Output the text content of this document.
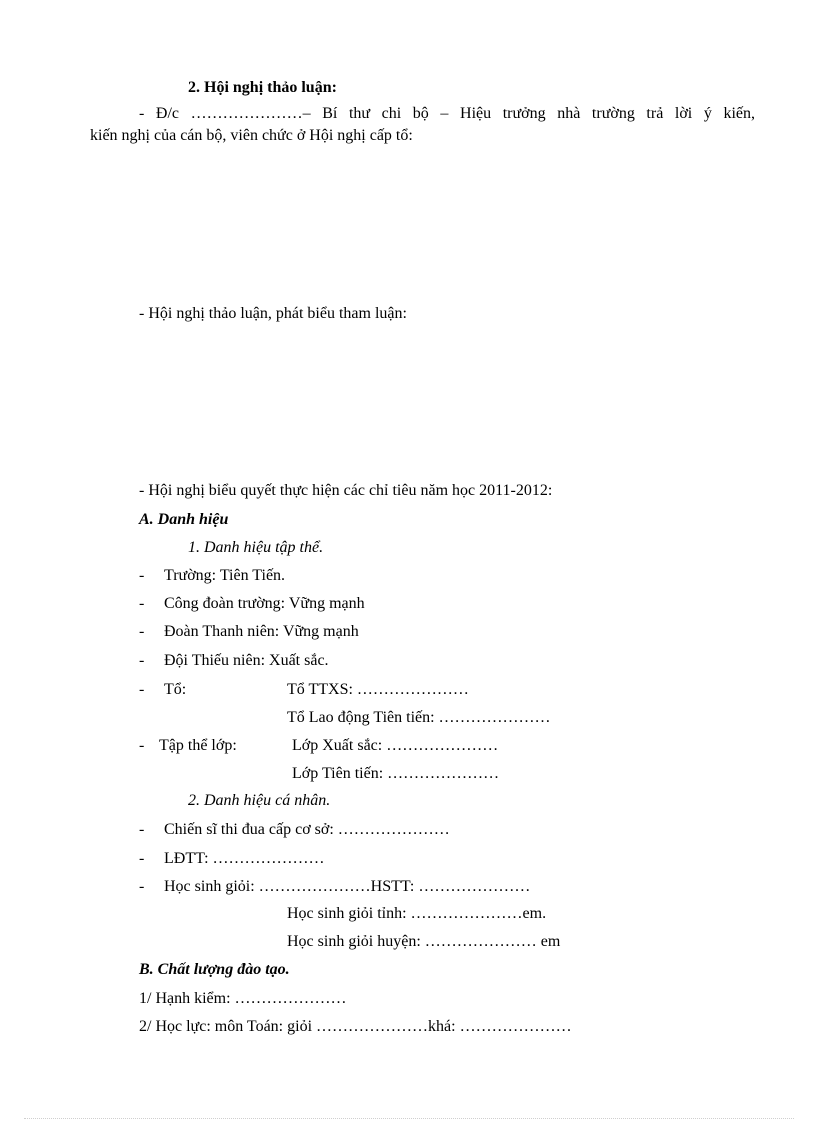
2. Hội nghị thảo luận:
- Đ/c …………………– Bí thư chi bộ – Hiệu trưởng nhà trường trả lời ý kiến,
kiến nghị của cán bộ, viên chức ở Hội nghị cấp tổ:
.....
.....
.....
.....
.....
.....
- Hội nghị thảo luận, phát biểu tham luận:
.....
.....
.....
.....
.....
.....
- Hội nghị biểu quyết thực hiện các chỉ tiêu năm học 2011-2012:
A. Danh hiệu
1. Danh hiệu tập thể.
- Trường: Tiên Tiến.
- Công đoàn trường: Vững mạnh
- Đoàn Thanh niên: Vững mạnh
- Đội Thiếu niên: Xuất sắc.
- Tổ:	Tổ TTXS: …………………
Tổ Lao động Tiên tiến: …………………
- Tập thể lớp:	Lớp Xuất sắc: …………………
Lớp Tiên tiến: …………………
2. Danh hiệu cá nhân.
- Chiến sĩ thi đua cấp cơ sở: …………………
- LĐTT: …………………
- Học sinh giỏi: …………………HSTT: …………………
Học sinh giỏi tỉnh: …………………em.
Học sinh giỏi huyện: ………………… em
B. Chất lượng đào tạo.
1/ Hạnh kiểm: …………………
2/ Học lực: môn Toán: giỏi …………………khá: …………………
